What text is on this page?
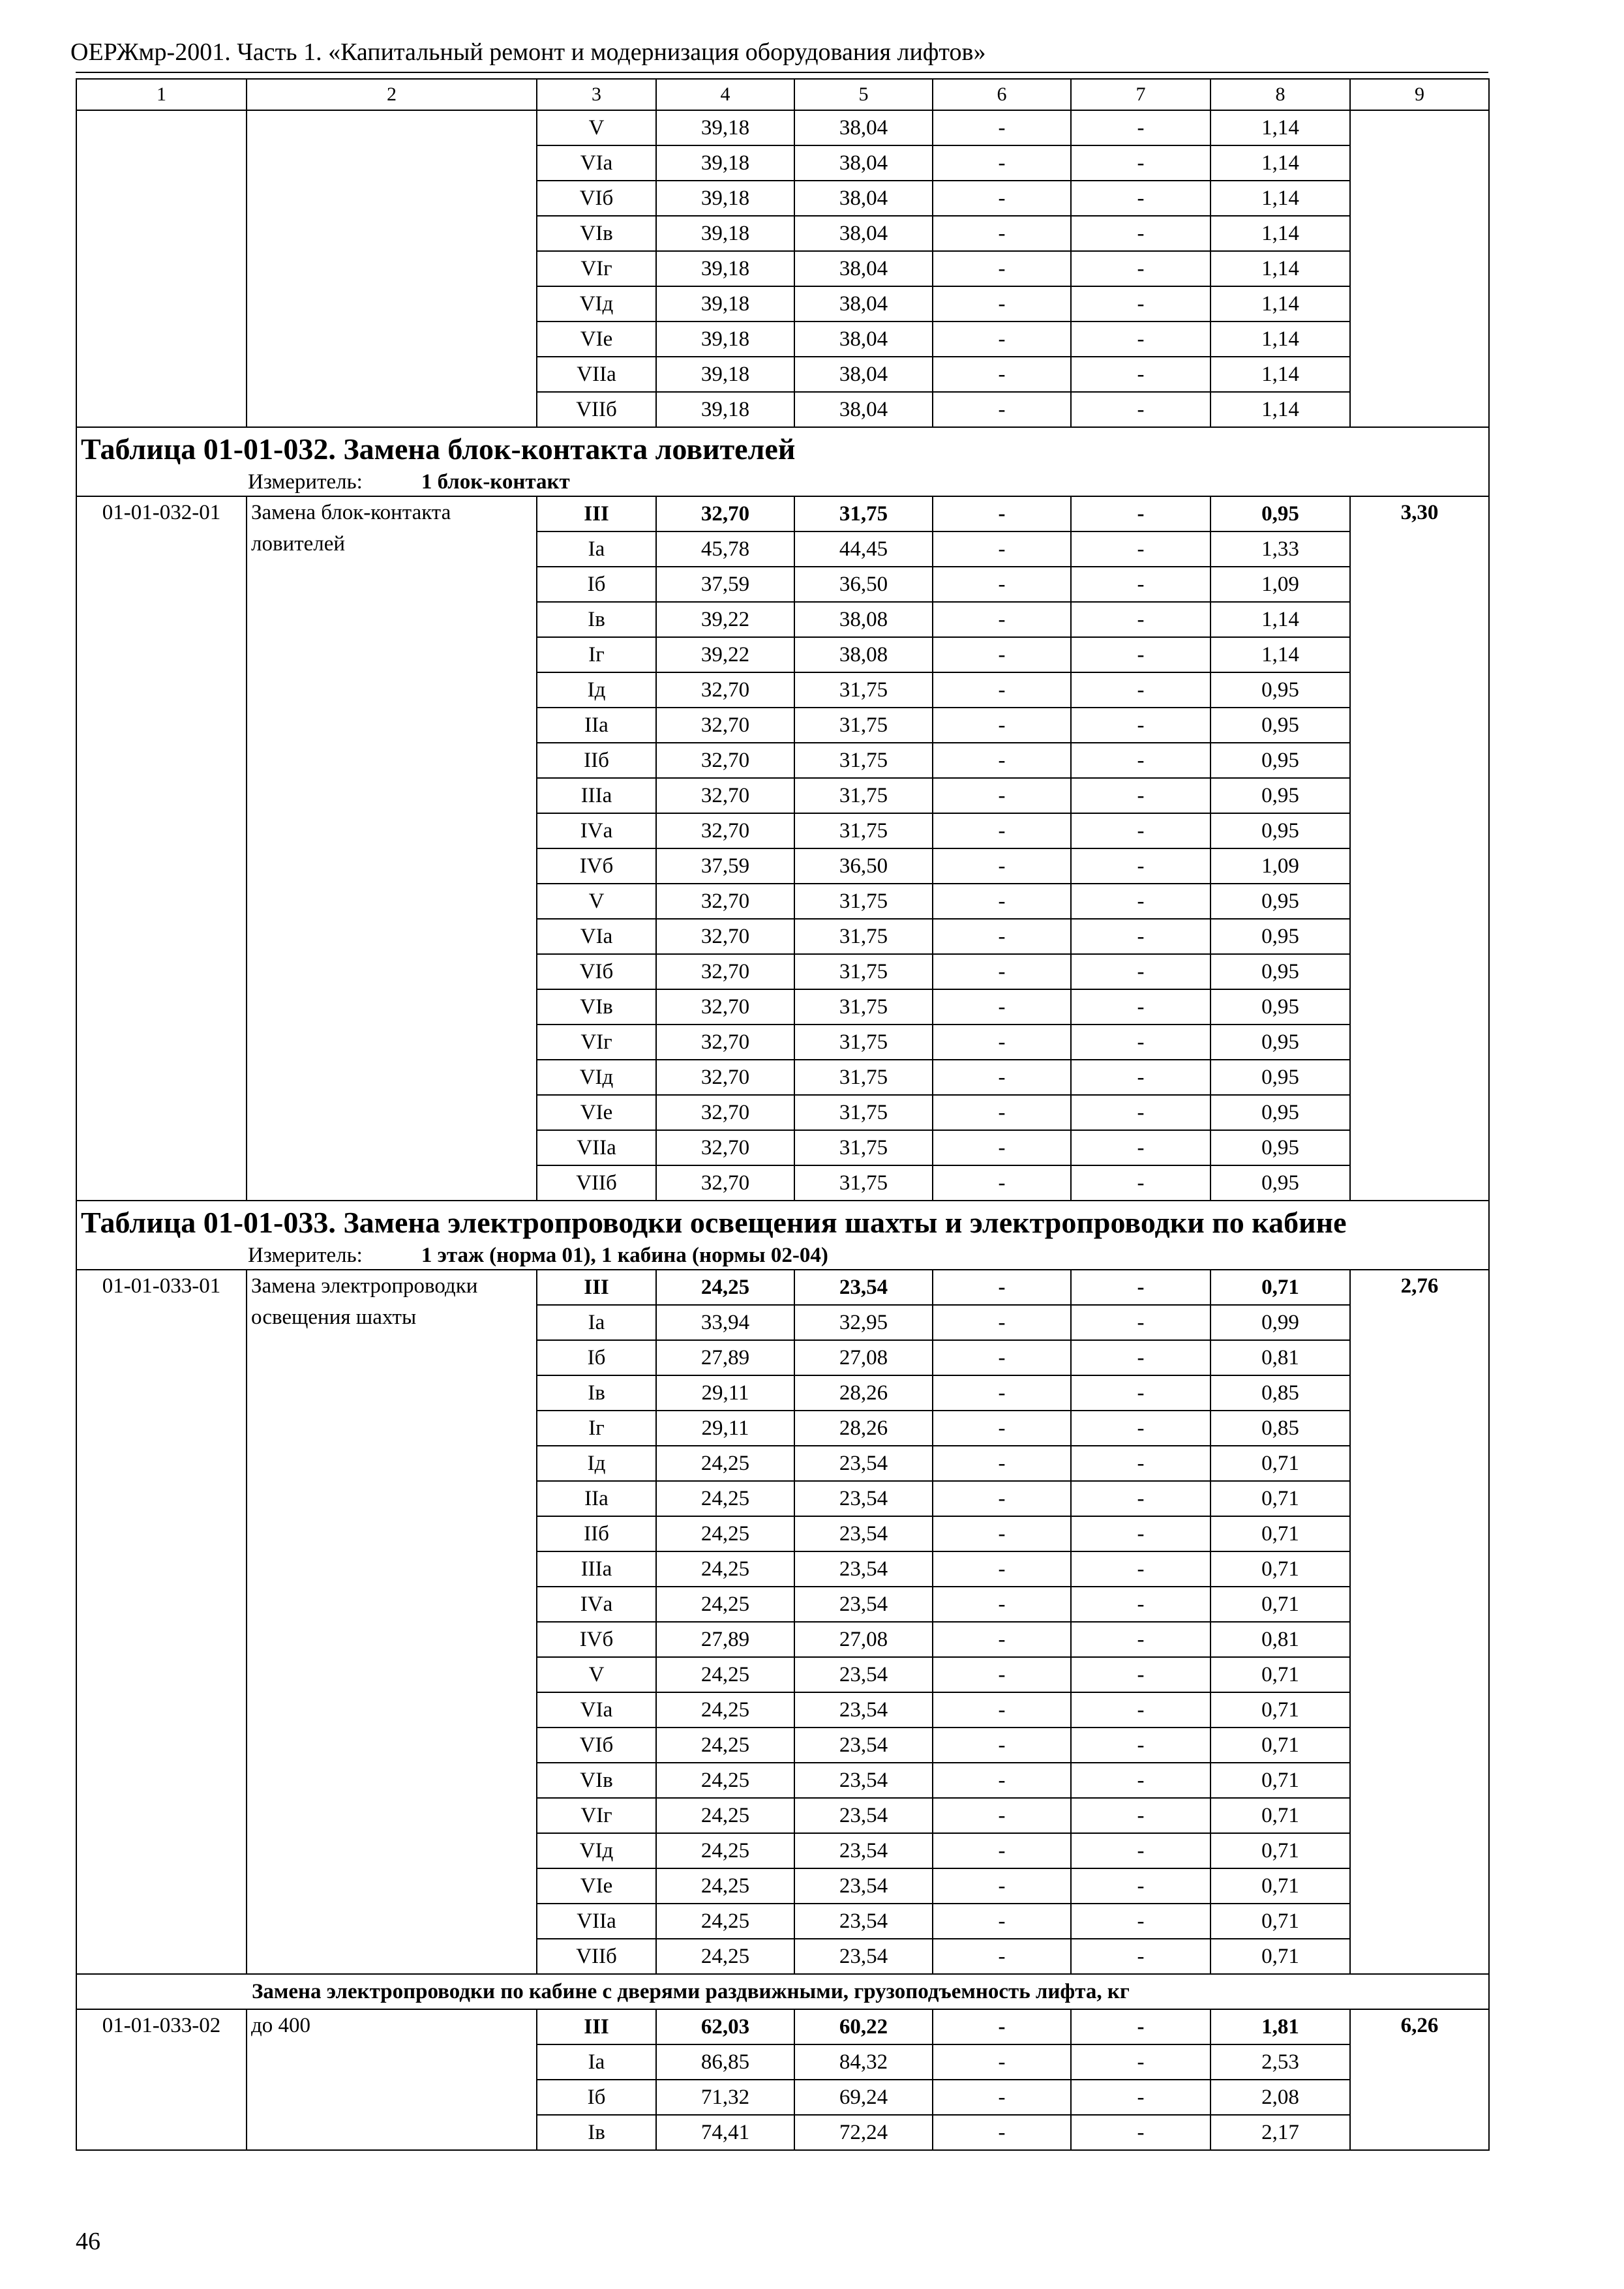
ОЕРЖмр-2001. Часть 1. «Капитальный ремонт и модернизация оборудования лифтов»
1	2	3	4	5	6	7	8	9
		V	39,18	38,04	-	-	1,14	
		VIа	39,18	38,04	-	-	1,14	
		VIб	39,18	38,04	-	-	1,14	
		VIв	39,18	38,04	-	-	1,14	
		VIг	39,18	38,04	-	-	1,14	
		VIд	39,18	38,04	-	-	1,14	
		VIе	39,18	38,04	-	-	1,14	
		VIIа	39,18	38,04	-	-	1,14	
		VIIб	39,18	38,04	-	-	1,14	
Таблица 01-01-032. Замена блок-контакта ловителей
Измеритель: 1 блок-контакт								

01-01-032-01	Замена блок-контакта ловителей	III	32,70	31,75	-	-	0,95	3,30
		Iа	45,78	44,45	-	-	1,33	
		Iб	37,59	36,50	-	-	1,09	
		Iв	39,22	38,08	-	-	1,14	
		Iг	39,22	38,08	-	-	1,14	
		Iд	32,70	31,75	-	-	0,95	
		IIа	32,70	31,75	-	-	0,95	
		IIб	32,70	31,75	-	-	0,95	
		IIIа	32,70	31,75	-	-	0,95	
		IVа	32,70	31,75	-	-	0,95	
		IVб	37,59	36,50	-	-	1,09	
		V	32,70	31,75	-	-	0,95	
		VIа	32,70	31,75	-	-	0,95	
		VIб	32,70	31,75	-	-	0,95	
		VIв	32,70	31,75	-	-	0,95	
		VIг	32,70	31,75	-	-	0,95	
		VIд	32,70	31,75	-	-	0,95	
		VIе	32,70	31,75	-	-	0,95	
		VIIа	32,70	31,75	-	-	0,95	
		VIIб	32,70	31,75	-	-	0,95	
Таблица 01-01-033. Замена электропроводки освещения шахты и электропроводки по кабине
Измеритель: 1 этаж (норма 01), 1 кабина (нормы 02-04)								

01-01-033-01	Замена электропроводки освещения шахты	III	24,25	23,54	-	-	0,71	2,76
		Iа	33,94	32,95	-	-	0,99	
		Iб	27,89	27,08	-	-	0,81	
		Iв	29,11	28,26	-	-	0,85	
		Iг	29,11	28,26	-	-	0,85	
		Iд	24,25	23,54	-	-	0,71	
		IIа	24,25	23,54	-	-	0,71	
		IIб	24,25	23,54	-	-	0,71	
		IIIа	24,25	23,54	-	-	0,71	
		IVа	24,25	23,54	-	-	0,71	
		IVб	27,89	27,08	-	-	0,81	
		V	24,25	23,54	-	-	0,71	
		VIа	24,25	23,54	-	-	0,71	
		VIб	24,25	23,54	-	-	0,71	
		VIв	24,25	23,54	-	-	0,71	
		VIг	24,25	23,54	-	-	0,71	
		VIд	24,25	23,54	-	-	0,71	
		VIе	24,25	23,54	-	-	0,71	
		VIIа	24,25	23,54	-	-	0,71	
		VIIб	24,25	23,54	-	-	0,71	
Замена электропроводки по кабине с дверями раздвижными, грузоподъемность лифта, кг								
01-01-033-02	до 400	III	62,03	60,22	-	-	1,81	6,26
		Iа	86,85	84,32	-	-	2,53	
		Iб	71,32	69,24	-	-	2,08	
		Iв	74,41	72,24	-	-	2,17	
46
